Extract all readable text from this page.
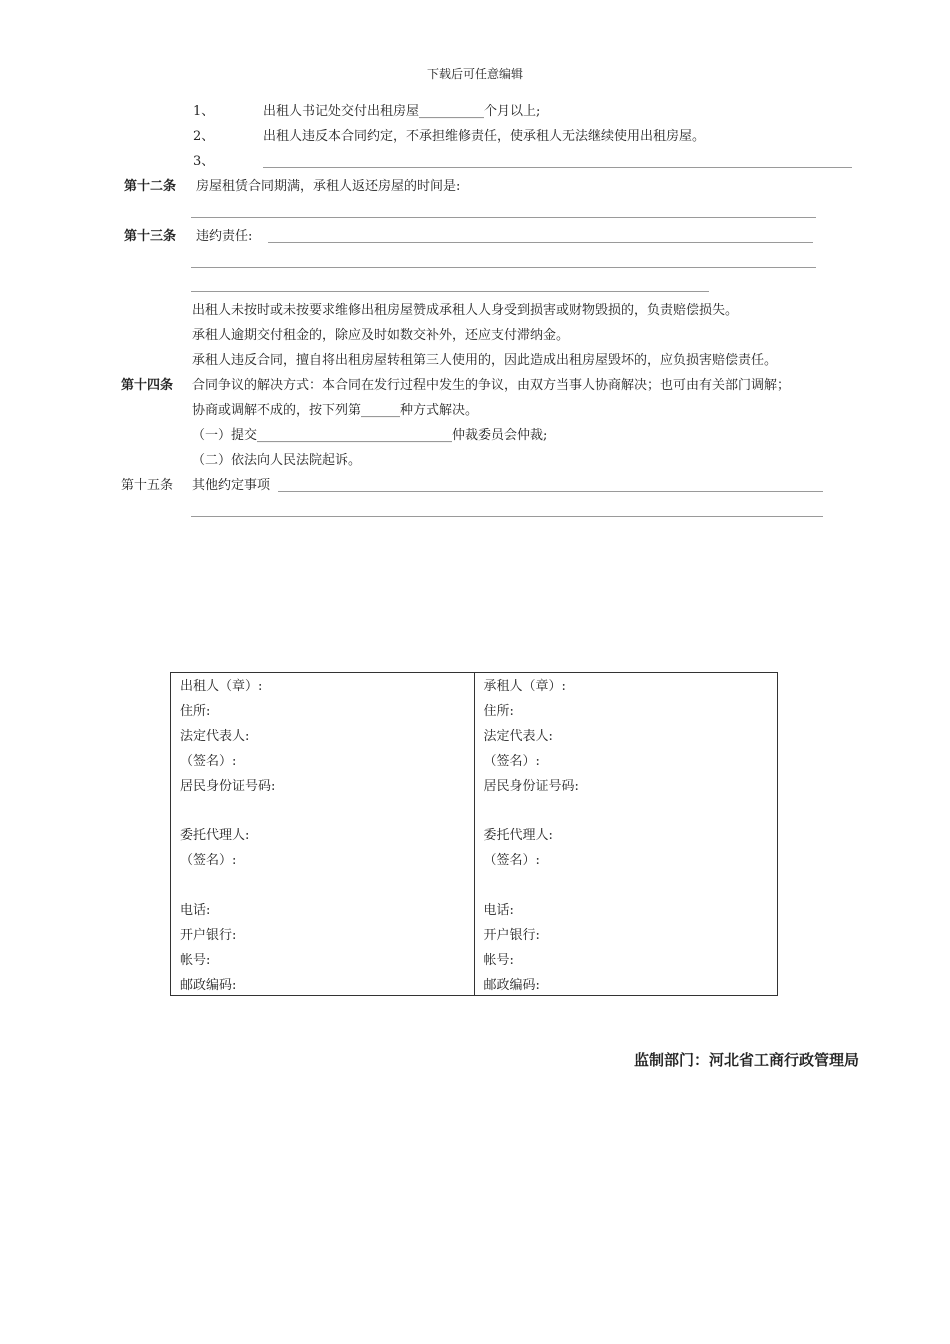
下载后可任意编辑
1、	出租人书记处交付出租房屋__________个月以上;
2、	出租人违反本合同约定，不承担维修责任，使承租人无法继续使用出租房屋。
3、
第十二条 房屋租赁合同期满，承租人返还房屋的时间是:
第十三条 违约责任:
出租人未按时或未按要求维修出租房屋赞成承租人人身受到损害或财物毁损的，负责赔偿损失。
承租人逾期交付租金的，除应及时如数交补外，还应支付滞纳金。
承租人违反合同，擅自将出租房屋转租第三人使用的，因此造成出租房屋毁坏的，应负损害赔偿责任。
第十四条 合同争议的解决方式：本合同在发行过程中发生的争议，由双方当事人协商解决；也可由有关部门调解；
协商或调解不成的，按下列第______种方式解决。
（一）提交______________________________仲裁委员会仲裁;
（二）依法向人民法院起诉。
第十五条 其他约定事项
出租人（章）:
住所:
法定代表人:
（签名）:
居民身份证号码:
委托代理人:
（签名）:
电话:
开户银行:
帐号:
邮政编码:
承租人（章）:
住所:
法定代表人:
（签名）:
居民身份证号码:
委托代理人:
（签名）:
电话:
开户银行:
帐号:
邮政编码:
监制部门：河北省工商行政管理局
